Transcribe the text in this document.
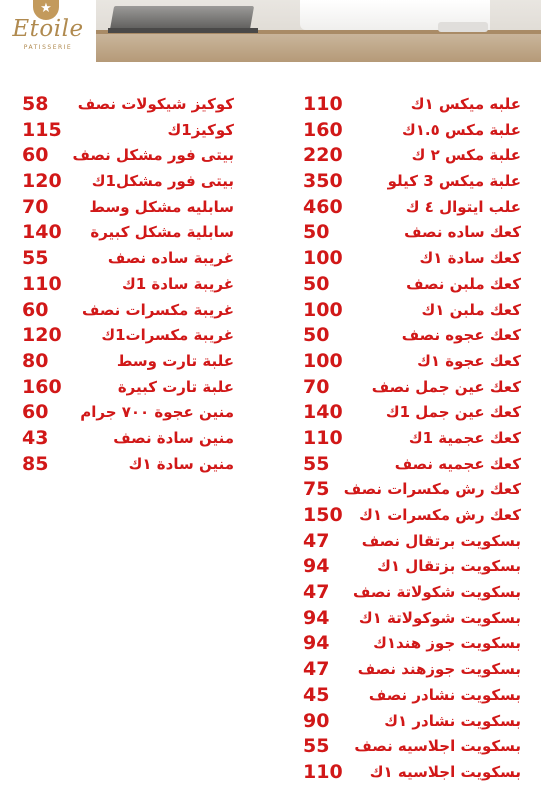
★
Etoile
PATISSERIE
110	علبه ميكس ١ك
160	علبة مكس ١.٥ك
220	علبة مكس ٢ ك
350	علبة ميكس 3 كيلو
460	علب ايتوال ٤ ك
50	كعك ساده نصف
100	كعك سادة ١ك
50	كعك ملبن نصف
100	كعك ملبن ١ك
50	كعك عجوه نصف
100	كعك عجوة ١ك
70	كعك عين جمل نصف
140	كعك عين جمل 1ك
110	كعك عجمية 1ك
55	كعك عجميه نصف
75 كعك رش مكسرات نصف
150 كعك رش مكسرات ١ك
47 بسكويت برتقال نصف
94	بسكويت بزتقال ١ك
47 بسكويت شكولاتة نصف
94 بسكويت شوكولاتة ١ك
94	بسكويت جوز هند١ك
47 بسكويت جوزهند نصف
45	بسكويت نشادر نصف
90	بسكويت نشادر ١ك
55 بسكويت اجلاسيه نصف
110 بسكويت اجلاسيه ١ك
58 كوكيز شيكولات نصف
115	كوكيز1ك
60 بيتى فور مشكل نصف
120 بيتى فور مشكل1ك
70	سابليه مشكل وسط
140 سابلية مشكل كبيرة
55	غريبة ساده نصف
110	غريبة سادة 1ك
60 غريبة مكسرات نصف
120	غريبة مكسرات1ك
80	علبة تارت وسط
160	علبة تارت كبيرة
60 منين عجوة ٧٠٠ جرام
43	منين سادة نصف
85	منين سادة ١ك
